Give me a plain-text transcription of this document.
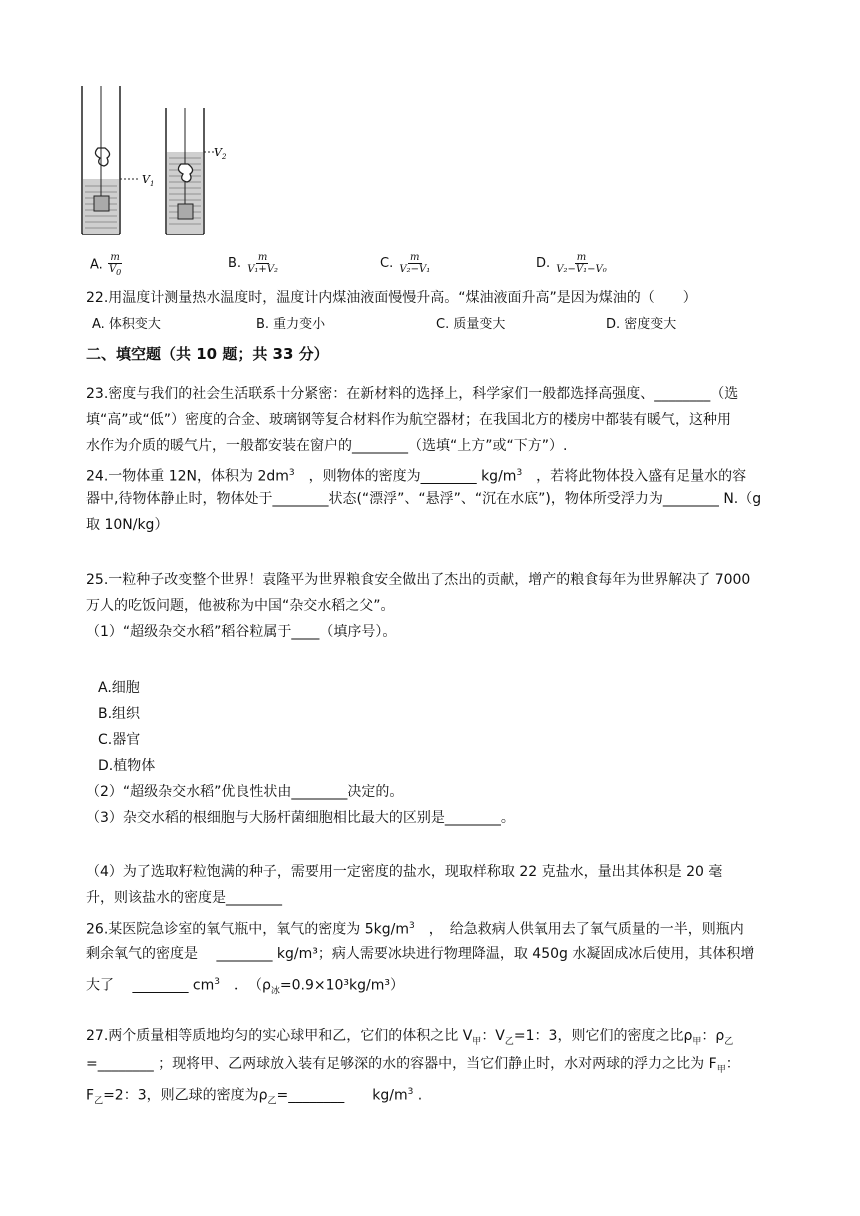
$V_1$
$V_2$
A. $\frac{m}{V_0}$	B. $\frac{m}{\text{V₁+V₂}}$	C. $\frac{m}{\text{V₂−V₁}}$	D. $\frac{m}{\text{V₂−V₁−V₀}}$
22.用温度计测量热水温度时，温度计内煤油液面慢慢升高。“煤油液面升高”是因为煤油的（　　）
A. 体积变大	B. 重力变小	C. 质量变大	D. 密度变大
二、填空题（共 10 题；共 33 分）
23.密度与我们的社会生活联系十分紧密：在新材料的选择上，科学家们一般都选择高强度、________（选
填“高”或“低”）密度的合金、玻璃钢等复合材料作为航空器材；在我国北方的楼房中都装有暖气，这种用
水作为介质的暖气片，一般都安装在窗户的________（选填“上方”或“下方”）.
24.一物体重 12N，体积为 $2dm^3$　，则物体的密度为________ $kg/m^3$　，若将此物体投入盛有足量水的容
器中,待物体静止时，物体处于________状态(“漂浮”、“悬浮”、“沉在水底”)，物体所受浮力为________ N.（g
取 10N/kg）
25.一粒种子改变整个世界！袁隆平为世界粮食安全做出了杰出的贡献，增产的粮食每年为世界解决了 7000
万人的吃饭问题，他被称为中国“杂交水稻之父”。
（1）“超级杂交水稻”稻谷粒属于____（填序号）。
A.细胞
B.组织
C.器官
D.植物体
（2）“超级杂交水稻”优良性状由________决定的。
（3）杂交水稻的根细胞与大肠杆菌细胞相比最大的区别是________。
（4）为了选取籽粒饱满的种子，需要用一定密度的盐水，现取样称取 22 克盐水，量出其体积是 20 毫
升，则该盐水的密度是________
26.某医院急诊室的氧气瓶中，氧气的密度为 $5kg/m^3$　，　给急救病人供氧用去了氧气质量的一半，则瓶内
剩余氧气的密度是　 ________ kg/m³；病人需要冰块进行物理降温，取 450g 水凝固成冰后使用，其体积增
大了　 ________ $cm^3$　．　$(\rho_冰=0.9\times 10^3kg/m^3)$
27.两个质量相等质地均匀的实心球甲和乙，它们的体积之比 $V_甲$：$V_乙=1$：3，则它们的密度之比$\rho_甲$：$\rho_乙$
=________ ；现将甲、乙两球放入装有足够深的水的容器中，当它们静止时，水对两球的浮力之比为 $F_甲$：
$F_乙=2$：3，则乙球的密度为$\rho_乙=\_\_\_\_\_\_\_\_$　　$kg/m^3$ .
